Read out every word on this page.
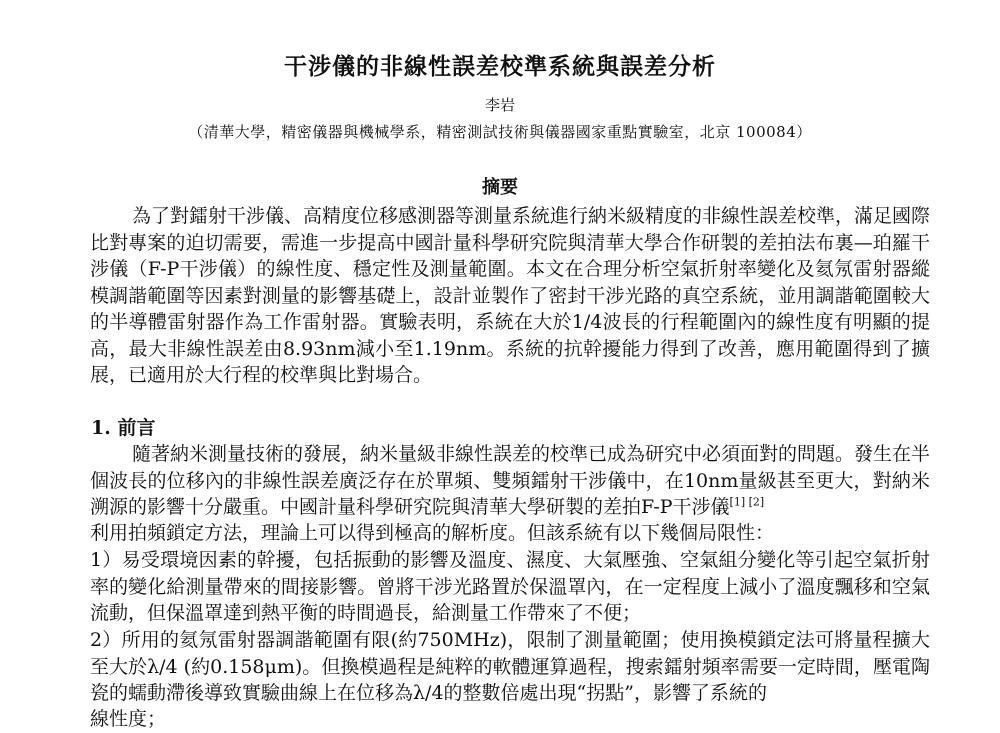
干涉儀的非線性誤差校準系統與誤差分析
李岩
（清華大學，精密儀器與機械學系，精密測試技術與儀器國家重點實驗室，北京 100084）
摘要
為了對鐳射干涉儀、高精度位移感測器等測量系統進行納米級精度的非線性誤差校準，滿足國際比對專案的迫切需要，需進一步提高中國計量科學研究院與清華大學合作研製的差拍法布裏—珀羅干涉儀（F-P干涉儀）的線性度、穩定性及測量範圍。本文在合理分析空氣折射率變化及氦氖雷射器縱模調諧範圍等因素對測量的影響基礎上，設計並製作了密封干涉光路的真空系統，並用調諧範圍較大的半導體雷射器作為工作雷射器。實驗表明，系統在大於1/4波長的行程範圍內的線性度有明顯的提高，最大非線性誤差由8.93nm減小至1.19nm。系統的抗幹擾能力得到了改善，應用範圍得到了擴展，已適用於大行程的校準與比對場合。
1. 前言
隨著納米測量技術的發展，納米量級非線性誤差的校準已成為研究中必須面對的問題。發生在半個波長的位移內的非線性誤差廣泛存在於單頻、雙頻鐳射干涉儀中，在10nm量級甚至更大，對納米溯源的影響十分嚴重。中國計量科學研究院與清華大學研製的差拍F-P干涉儀[1] [2]
利用拍頻鎖定方法，理論上可以得到極高的解析度。但該系統有以下幾個局限性：
1）易受環境因素的幹擾，包括振動的影響及溫度、濕度、大氣壓強、空氣組分變化等引起空氣折射率的變化給測量帶來的間接影響。曾將干涉光路置於保溫罩內，在一定程度上減小了溫度飄移和空氣流動，但保溫罩達到熱平衡的時間過長，給測量工作帶來了不便；
2）所用的氦氖雷射器調諧範圍有限(約750MHz)，限制了測量範圍；使用換模鎖定法可將量程擴大至大於λ/4 (約0.158μm)。但換模過程是純粹的軟體運算過程，搜索鐳射頻率需要一定時間，壓電陶瓷的蠕動滯後導致實驗曲線上在位移為λ/4的整數倍處出現“拐點”，影響了系統的
線性度；
